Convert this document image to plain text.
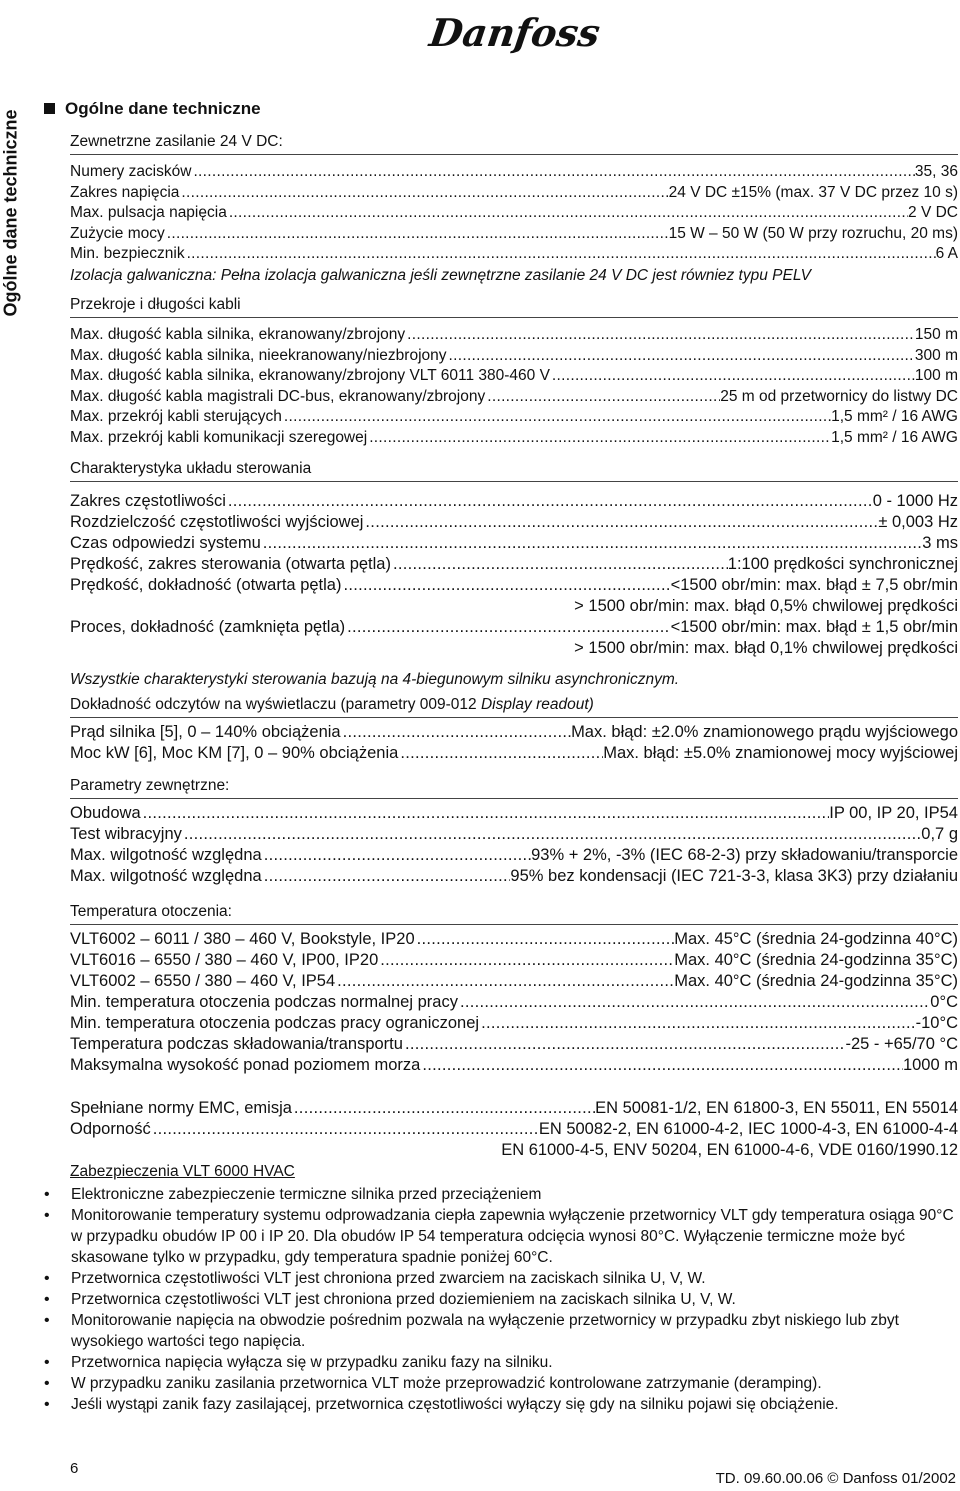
Danfoss
Ogólne dane techniczne
Ogólne dane techniczne
Zewnetrzne zasilanie 24 V DC:
Numery zacisków .....	35, 36
Zakres napięcia .....	24 V DC ±15% (max. 37 V DC przez 10 s)
Max. pulsacja napięcia .....	2 V DC
Zużycie mocy .....	15 W – 50 W (50 W przy rozruchu, 20 ms)
Min. bezpiecznik .....	6 A
Izolacja galwaniczna: Pełna izolacja galwaniczna jeśli zewnętrzne zasilanie 24 V DC jest równiez typu PELV
Przekroje i długości kabli
Max. długość kabla silnika, ekranowany/zbrojony .....	150 m
Max. długość kabla silnika, nieekranowany/niezbrojony .....	300 m
Max. długość kabla silnika, ekranowany/zbrojony VLT 6011 380-460 V .....	100 m
Max. długość kabla magistrali DC-bus, ekranowany/zbrojony .....	25 m od przetwornicy do listwy DC
Max. przekrój kabli sterujących .....	1,5 mm² / 16 AWG
Max. przekrój kabli komunikacji szeregowej .....	1,5 mm² / 16 AWG
Charakterystyka układu sterowania
Zakres częstotliwości .....	0 - 1000 Hz
Rozdzielczość częstotliwości wyjściowej .....	± 0,003 Hz
Czas odpowiedzi systemu .....	3 ms
Prędkość, zakres sterowania (otwarta pętla) .....	1:100 prędkości synchronicznej
Prędkość, dokładność (otwarta pętla) .....	<1500 obr/min: max. błąd ± 7,5 obr/min
> 1500 obr/min: max. błąd 0,5% chwilowej prędkości
Proces, dokładność (zamknięta pętla) .....	<1500 obr/min: max. błąd ± 1,5 obr/min
> 1500 obr/min: max. błąd 0,1% chwilowej prędkości
Wszystkie charakterystyki sterowania bazują na 4-biegunowym silniku asynchronicznym.
Dokładność odczytów na wyświetlaczu (parametry 009-012 Display readout)
Prąd silnika [5], 0 – 140% obciążenia .....	Max. błąd: ±2.0% znamionowego prądu wyjściowego
Moc kW [6], Moc KM [7], 0 – 90% obciążenia .....	Max. błąd: ±5.0% znamionowej mocy wyjściowej
Parametry zewnętrzne:
Obudowa .....	IP 00, IP 20, IP54
Test wibracyjny .....	0,7 g
Max. wilgotność względna .....	93% + 2%, -3% (IEC 68-2-3) przy składowaniu/transporcie
Max. wilgotność względna .....	95% bez kondensacji (IEC 721-3-3, klasa 3K3) przy działaniu
Temperatura otoczenia:
VLT6002 – 6011 / 380 – 460 V, Bookstyle, IP20 .....	Max. 45°C (średnia 24-godzinna 40°C)
VLT6016 – 6550 / 380 – 460 V, IP00, IP20 .....	Max. 40°C (średnia 24-godzinna 35°C)
VLT6002 – 6550 / 380 – 460 V, IP54 .....	Max. 40°C (średnia 24-godzinna 35°C)
Min. temperatura otoczenia podczas normalnej pracy .....	0°C
Min. temperatura otoczenia podczas pracy ograniczonej .....	-10°C
Temperatura podczas składowania/transportu .....	-25 - +65/70 °C
Maksymalna wysokość ponad poziomem morza .....	1000 m
Spełniane normy EMC, emisja .....	EN 50081-1/2, EN 61800-3, EN 55011, EN 55014
Odporność .....	EN 50082-2, EN 61000-4-2, IEC 1000-4-3, EN 61000-4-4
EN 61000-4-5, ENV 50204, EN 61000-4-6, VDE 0160/1990.12
Zabezpieczenia VLT 6000 HVAC
• Elektroniczne zabezpieczenie termiczne silnika przed przeciążeniem
• Monitorowanie temperatury systemu odprowadzania ciepła zapewnia wyłączenie przetwornicy VLT gdy temperatura osiąga 90°C w przypadku obudów IP 00 i IP 20. Dla obudów IP 54 temperatura odcięcia wynosi 80°C. Wyłączenie termiczne może być skasowane tylko w przypadku, gdy temperatura spadnie poniżej 60°C.
• Przetwornica częstotliwości VLT jest chroniona przed zwarciem na zaciskach silnika U, V, W.
• Przetwornica częstotliwości VLT jest chroniona przed doziemieniem na zaciskach silnika U, V, W.
• Monitorowanie napięcia na obwodzie pośrednim pozwala na wyłączenie przetwornicy w przypadku zbyt niskiego lub zbyt wysokiego wartości tego napięcia.
• Przetwornica napięcia wyłącza się w przypadku zaniku fazy na silniku.
• W przypadku zaniku zasilania przetwornica VLT może przeprowadzić kontrolowane zatrzymanie (deramping).
• Jeśli wystąpi zanik fazy zasilającej, przetwornica częstotliwości wyłączy się gdy na silniku pojawi się obciążenie.
6
TD. 09.60.00.06 © Danfoss 01/2002
